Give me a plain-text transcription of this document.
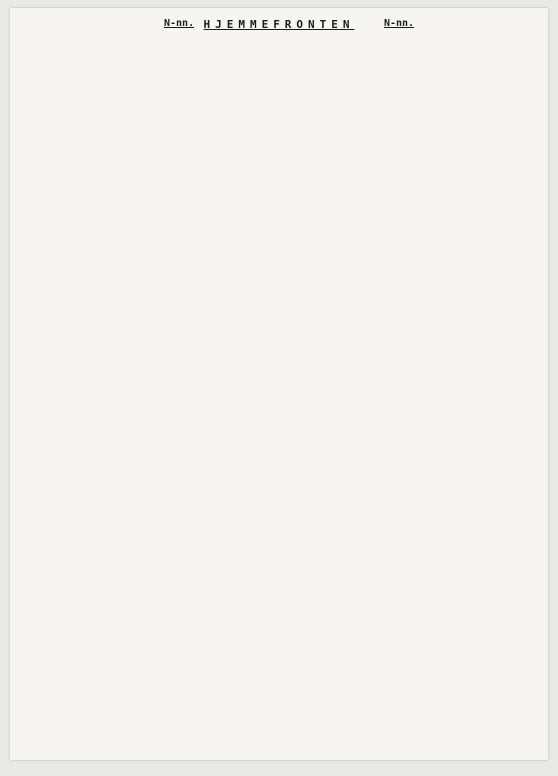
N-nn. HJEMMEFRONTEN	N-nn.
